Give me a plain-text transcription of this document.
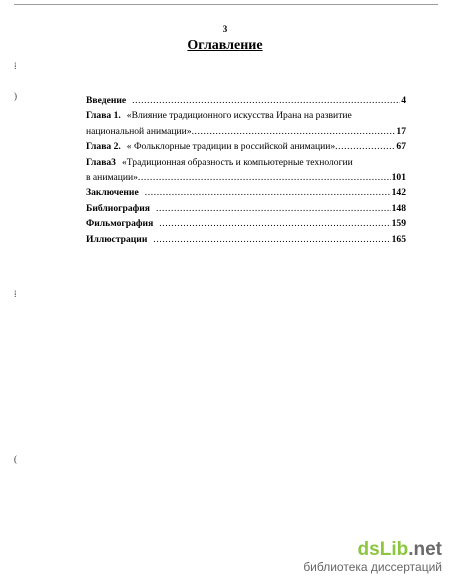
⁞
)
⁞
(
3
Оглавление
Введение .....	4
Глава 1. «Влияние традиционного искусства Ирана на развитие
национальной анимации» .....	17
Глава 2. « Фольклорные традиции в российской анимации» .....	67
Глава3 «Традиционная образность и компьютерные технологии
в анимации» .....	101
Заключение .....	142
Библиография .....	148
Фильмография .....	159
Иллюстрации .....	165
dsLib.net
библиотека диссертаций
